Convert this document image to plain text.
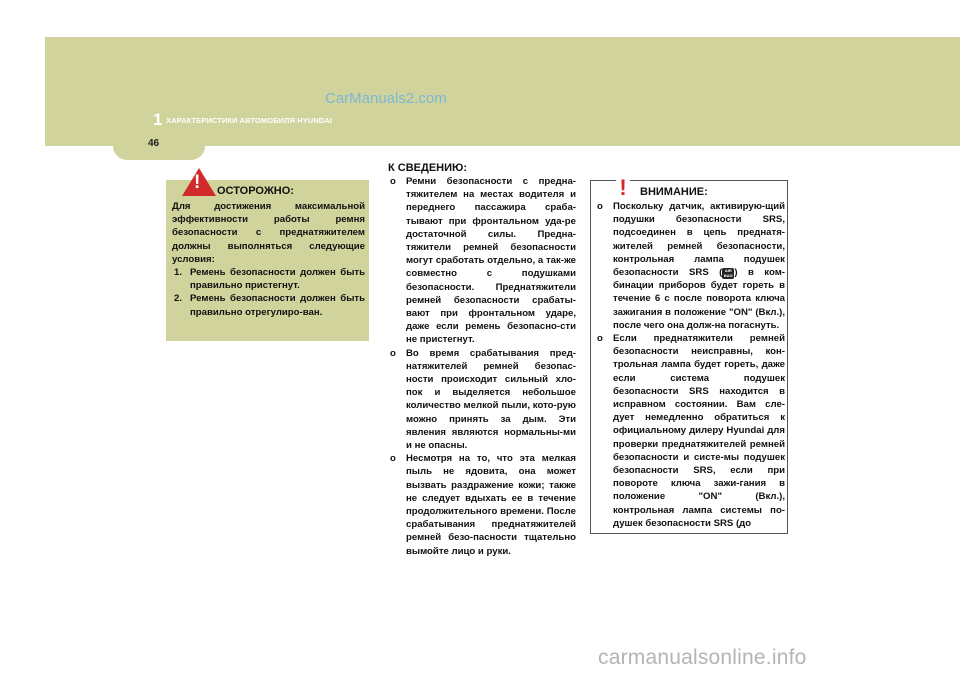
1 ХАРАКТЕРИСТИКИ АВТОМОБИЛЯ HYUNDAI
CarManuals2.com
46
! ОСТОРОЖНО:
Для достижения максимальной эффективности работы ремня безопасности с преднатяжителем должны выполняться следующие условия:
1. Ремень безопасности должен быть правильно пристегнут.
2. Ремень безопасности должен быть правильно отрегулиро-ван.
К СВЕДЕНИЮ:
o Ремни безопасности с предна-тяжителем на местах водителя и переднего пассажира сраба-тывают при фронтальном уда-ре достаточной силы. Предна-тяжители ремней безопасности могут сработать отдельно, а так-же совместно с подушками безопасности. Преднатяжители ремней безопасности срабаты-вают при фронтальном ударе, даже если ремень безопасно-сти не пристегнут.
o Во время срабатывания пред-натяжителей ремней безопас-ности происходит сильный хло-пок и выделяется небольшое количество мелкой пыли, кото-рую можно принять за дым. Эти явления являются нормальны-ми и не опасны.
o Несмотря на то, что эта мелкая пыль не ядовита, она может вызвать раздражение кожи; также не следует вдыхать ее в течение продолжительного времени. После срабатывания преднатяжителей ремней безо-пасности тщательно вымойте лицо и руки.
! ВНИМАНИЕ:
o Поскольку датчик, активирую-щий подушки безопасности SRS, подсоединен в цепь преднатя-жителей ремней безопасности, контрольная лампа подушек безопасности SRS ( AIR BAG ) в ком-бинации приборов будет гореть в течение 6 с после поворота ключа зажигания в положение "ON" (Вкл.), после чего она долж-на погаснуть.
o Если преднатяжители ремней безопасности неисправны, кон-трольная лампа будет гореть, даже если система подушек безопасности SRS находится в исправном состоянии. Вам сле-дует немедленно обратиться к официальному дилеру Hyundai для проверки преднатяжителей ремней безопасности и систе-мы подушек безопасности SRS, если при повороте ключа зажи-гания в положение "ON" (Вкл.), контрольная лампа системы по-душек безопасности SRS (до
carmanualsonline.info
